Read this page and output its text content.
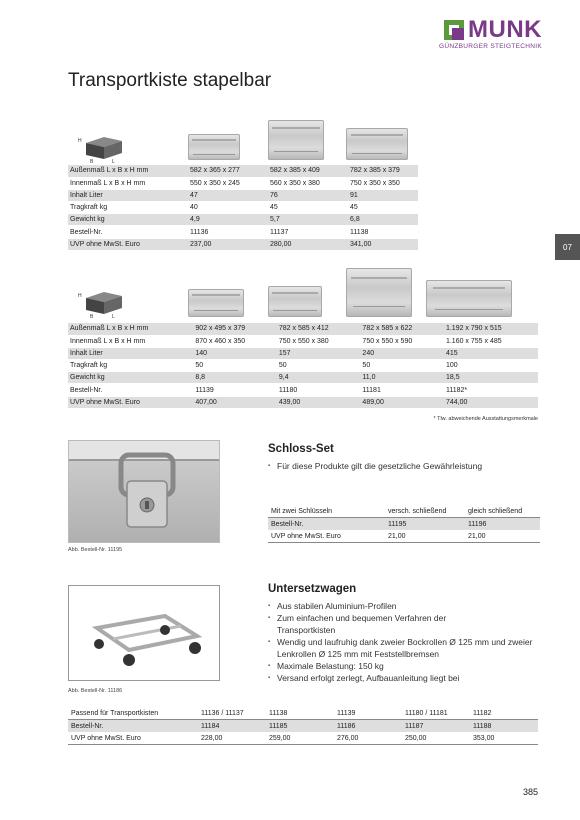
MUNK
GÜNZBURGER STEIGTECHNIK
Transportkiste stapelbar
07
H
B	L
H
B	L
Außenmaß L x B x H mm	582 x 365 x 277	582 x 385 x 409	782 x 385 x 379
Innenmaß L x B x H mm	550 x 350 x 245	560 x 350 x 380	750 x 350 x 350
Inhalt Liter	47	76	91
Tragkraft kg	40	45	45
Gewicht kg	4,9	5,7	6,8
Bestell-Nr.	11136	11137	11138
UVP ohne MwSt. Euro	237,00	280,00	341,00
Außenmaß L x B x H mm	902 x 495 x 379	782 x 585 x 412	782 x 585 x 622	1.192 x 790 x 515
Innenmaß L x B x H mm	870 x 460 x 350	750 x 550 x 380	750 x 550 x 590	1.160 x 755 x 485
Inhalt Liter	140	157	240	415
Tragkraft kg	50	50	50	100
Gewicht kg	8,8	9,4	11,0	18,5
Bestell-Nr.	11139	11180	11181	11182*
UVP ohne MwSt. Euro	407,00	439,00	489,00	744,00
* Tlw. abweichende Ausstattungsmerkmale
Abb. Bestell-Nr. 11195
Schloss-Set
▪ Für diese Produkte gilt die gesetzliche Gewährleistung
Mit zwei Schlüsseln	versch. schließend	gleich schließend
Bestell-Nr.	11195	11196
UVP ohne MwSt. Euro	21,00	21,00
Abb. Bestell-Nr. 11186
Untersetzwagen
▪ Aus stabilen Aluminium-Profilen
▪ Zum einfachen und bequemen Verfahren der Transportkisten
▪ Wendig und laufruhig dank zweier Bockrollen Ø 125 mm und zweier Lenkrollen Ø 125 mm mit Feststellbremsen
▪ Maximale Belastung: 150 kg
▪ Versand erfolgt zerlegt, Aufbauanleitung liegt bei
Passend für Transportkisten	11136 / 11137	11138	11139	11180 / 11181	11182
Bestell-Nr.	11184	11185	11186	11187	11188
UVP ohne MwSt. Euro	228,00	259,00	276,00	250,00	353,00
385
